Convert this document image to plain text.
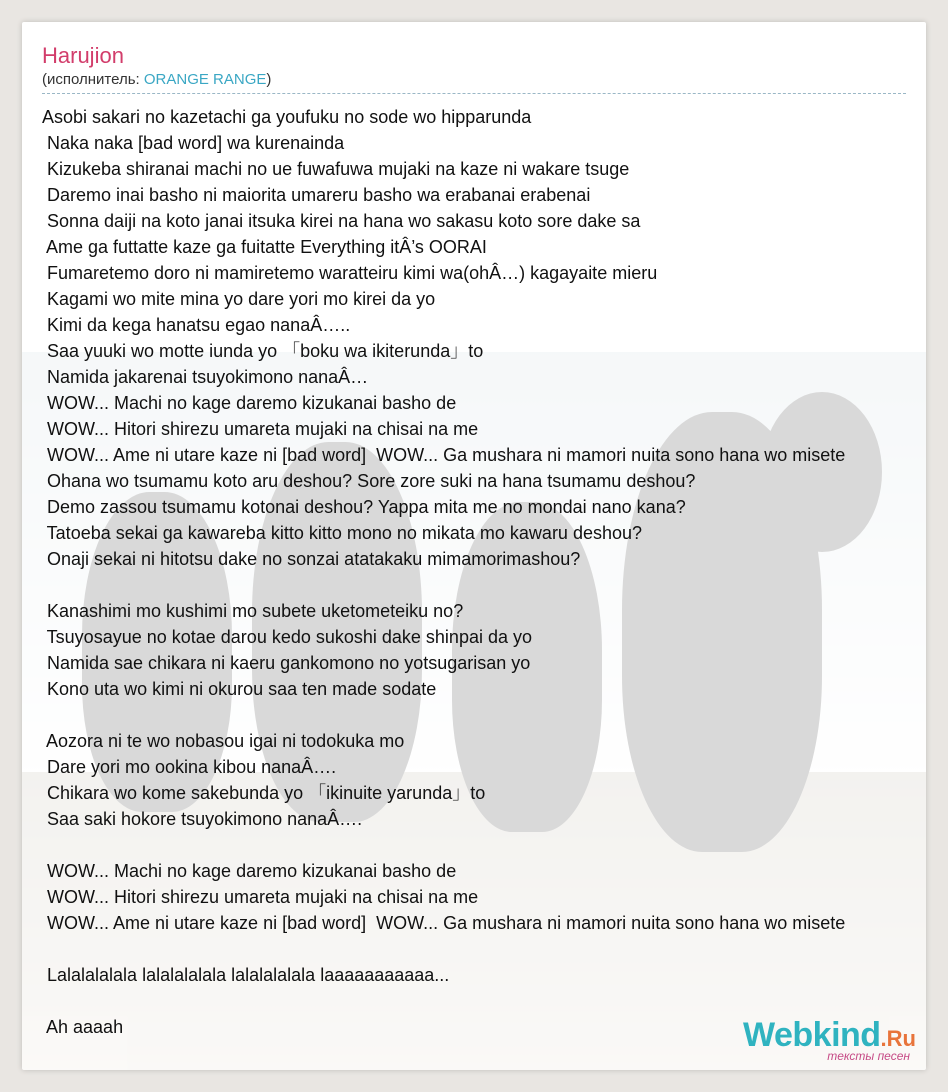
Harujion
(исполнитель: ORANGE RANGE)
Asobi sakari no kazetachi ga youfuku no sode wo hipparunda
Naka naka [bad word] wa kurenainda
Kizukeba shiranai machi no ue fuwafuwa mujaki na kaze ni wakare tsuge
Daremo inai basho ni maiorita umareru basho wa erabanai erabenai
Sonna daiji na koto janai itsuka kirei na hana wo sakasu koto sore dake sa
Ame ga futtatte kaze ga fuitatte Everything itÂ’s OORAI
Fumaretemo doro ni mamiretemo waratteiru kimi wa(ohÂ…) kagayaite mieru
Kagami wo mite mina yo dare yori mo kirei da yo
Kimi da kega hanatsu egao nanaÂ…..
Saa yuuki wo motte iunda yo 「boku wa ikiterunda」to
Namida jakarenai tsuyokimono nanaÂ…
WOW... Machi no kage daremo kizukanai basho de
WOW... Hitori shirezu umareta mujaki na chisai na me
WOW... Ame ni utare kaze ni [bad word]  WOW... Ga mushara ni mamori nuita sono hana wo misete
Ohana wo tsumamu koto aru deshou? Sore zore suki na hana tsumamu deshou?
Demo zassou tsumamu kotonai deshou? Yappa mita me no mondai nano kana?
Tatoeba sekai ga kawareba kitto kitto mono no mikata mo kawaru deshou?
Onaji sekai ni hitotsu dake no sonzai atatakaku mimamorimashou?
Kanashimi mo kushimi mo subete uketometeiku no?
Tsuyosayue no kotae darou kedo sukoshi dake shinpai da yo
Namida sae chikara ni kaeru gankomono no yotsugarisan yo
Kono uta wo kimi ni okurou saa ten made sodate
Aozora ni te wo nobasou igai ni todokuka mo
Dare yori mo ookina kibou nanaÂ….
Chikara wo kome sakebunda yo 「ikinuite yarunda」to
Saa saki hokore tsuyokimono nanaÂ….
WOW... Machi no kage daremo kizukanai basho de
WOW... Hitori shirezu umareta mujaki na chisai na me
WOW... Ame ni utare kaze ni [bad word]  WOW... Ga mushara ni mamori nuita sono hana wo misete
Lalalalalala lalalalalala lalalalalala laaaaaaaaaaa...
Ah aaaah	Webkind.Ru
тексты песен
